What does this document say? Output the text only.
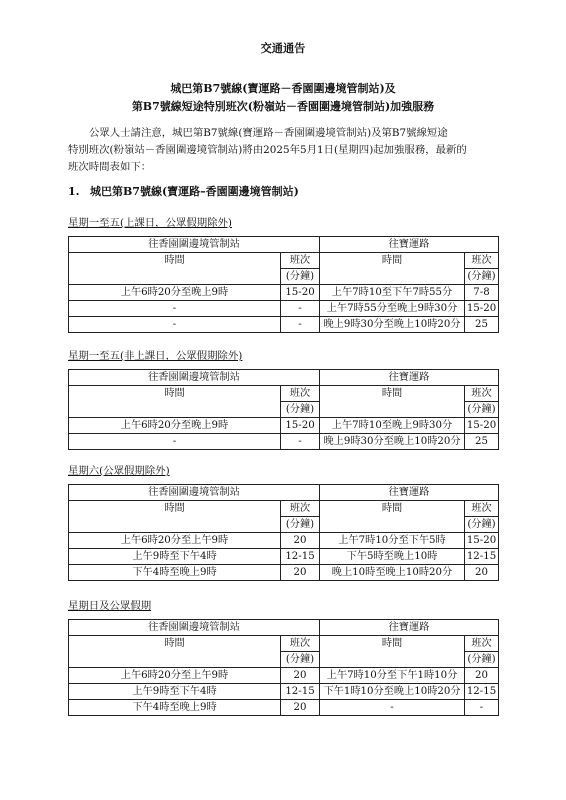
交通通告
城巴第B7號線(寶運路－香園圍邊境管制站)及
第B7號線短途特別班次(粉嶺站－香園圍邊境管制站)加強服務
公眾人士請注意，城巴第B7號線(寶運路－香園圍邊境管制站)及第B7號線短途
特別班次(粉嶺站－香園圍邊境管制站)將由2025年5月1日(星期四)起加強服務，最新的
班次時間表如下：
1. 城巴第B7號線(寶運路–香園圍邊境管制站)
星期一至五(上課日，公眾假期除外)
往香園圍邊境管制站		往寶運路	
時間	班次	時間	班次
	(分鐘)		(分鐘)
上午6時20分至晚上9時	15-20	上午7時10至下午7時55分	7-8
-	-	上午7時55分至晚上9時30分	15-20
-	-	晚上9時30分至晚上10時20分	25
星期一至五(非上課日，公眾假期除外)
往香園圍邊境管制站		往寶運路	
時間	班次	時間	班次
	(分鐘)		(分鐘)
上午6時20分至晚上9時	15-20	上午7時10至晚上9時30分	15-20
-	-	晚上9時30分至晚上10時20分	25
星期六(公眾假期除外)
往香園圍邊境管制站		往寶運路	
時間	班次	時間	班次
	(分鐘)		(分鐘)
上午6時20分至上午9時	20	上午7時10分至下午5時	15-20
上午9時至下午4時	12-15	下午5時至晚上10時	12-15
下午4時至晚上9時	20	晚上10時至晚上10時20分	20
星期日及公眾假期
往香園圍邊境管制站		往寶運路	
時間	班次	時間	班次
	(分鐘)		(分鐘)
上午6時20分至上午9時	20	上午7時10分至下午1時10分	20
上午9時至下午4時	12-15	下午1時10分至晚上10時20分	12-15
下午4時至晚上9時	20	-	-
